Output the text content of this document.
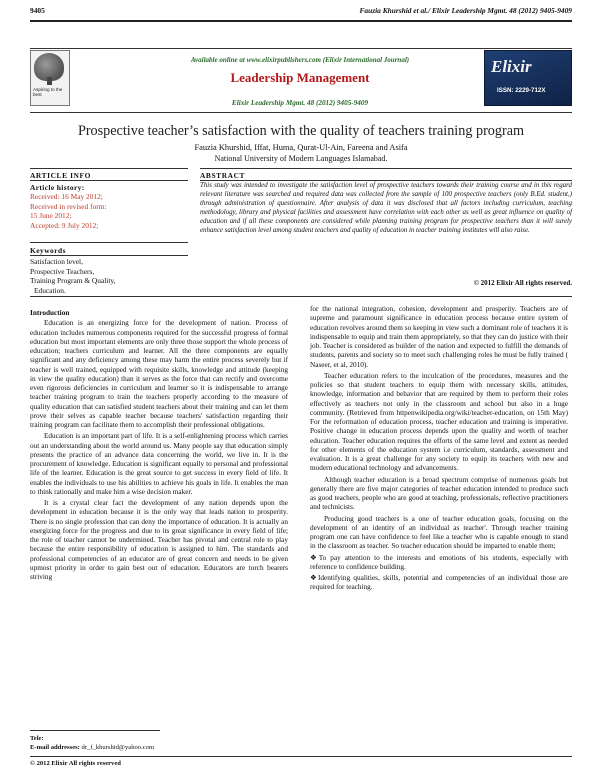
9405	Fauzia Khurshid et al./ Elixir Leadership Mgmt. 48 (2012) 9405-9409
Aspiring to the best
Available online at www.elixirpublishers.com (Elixir International Journal)
Leadership Management
Elixir Leadership Mgmt. 48 (2012) 9405-9409
Elixir
ISSN: 2229-712X
Prospective teacher’s satisfaction with the quality of teachers training program
Fauzia Khurshid, Iffat, Huma, Qurat-Ul-Ain, Fareena and Asifa
National University of Modern Languages Islamabad.
ARTICLE INFO	ABSTRACT
Article history:
Received: 16 May 2012;
Received in revised form:
15 June 2012;
Accepted: 9 July 2012;
Keywords
Satisfaction level,
Prospective Teachers,
Training Program & Quality,
Education.
This study was intended to investigate the satisfaction level of prospective teachers towards their training course and in this regard relevant literature was searched and required data was collected from the sample of 100 prospective teachers (only B.Ed. student,) through administration of questionnaire. After analysis of data it was disclosed that all factors including curriculum, teaching methodology, library and physical facilities and assessment have correlation with each other as well as great influence on quality of education and if all these components are considered while planning training program for prospective teachers than it will surely enhance satisfaction level among student teachers and quality of education in teacher training institutes will also raise.
© 2012 Elixir All rights reserved.
Introduction

Education is an energizing force for the development of nation. Process of education includes numerous components required for the successful progress of formal education but most important elements are only three those support the whole process of education; teachers curriculum and learner. All the three components are equally significant and any deficiency among these may harm the entire process severely but if teacher is well trained, equipped with requisite skills, knowledge and attitude (keeping in view the quality education) than it serves as the force that can rectify and overcome even rigorous deficiencies in curriculum and learner so it is indispensable to arrange teacher training program to train the teachers properly according to the measure of quality education that can satisfied student teachers about their training and can let them prove their selves as capable teacher because teachers' satisfaction regarding their training program can facilitate them to accomplish their professional obligations.

Education is an important part of life. It is a self-enlightening process which carries out an understanding about the world around us. Many people say that education simply presents the practice of an advance data concerning the world, we live in. It is the procurement of knowledge. Education is significant equally to personal and professional life of the learner. Education is the great source to get success in every field of life. It enables the individuals to use his abilities to achieve his goals in life. It enables the man to think rationally and make him a wise decision maker.

It is a crystal clear fact the development of any nation depends upon the development in education because it is the only way that leads nation to prosperity. There is no single profession that can deny the importance of education. It is actually an energizing force for the progress and due to its great significance in every field of life; the role of teacher cannot be undermined. Teacher has pivotal and central role to play because the entire responsibility of education is assigned to him. The standards and professional competencies of an educator are of great concern and needs to be given upmost priority in order to gain best out of education. Educators are torch bearers striving

for the national integration, cohesion, development and prosperity. Teachers are of supreme and paramount significance in education process because entire system of education revolves around them so keeping in view such a dominant role of teachers it is indispensable to equip and train them appropriately, so that they can do justice with their job. Teacher is considered as builder of the nation and expected to fulfill the demands of students, parents and society so to meet such challenging roles he must be fully trained ( Naseer, et al, 2010).

Teacher education refers to the inculcation of the procedures, measures and the policies so that student teachers to equip them with necessary skills, attitudes, knowledge, information and behavior that are required by them to perform their roles effectively as teachers not only in the classroom and school but also in a huge community. (Retrieved from httpenwikipedia.org/wiki/teacher-education, on 15th May) For the reformation of education process, teacher education and training is imperative. Positive change in education process depends upon the quality and worth of teacher education. Teacher education requires the efforts of the same level and extent as needed for other elements of the education system i.e curriculum, standards, assessment and evaluation. It is a great challenge for any society to equip its teachers with new and modern educational technology and advancements.

Although teacher education is a broad spectrum comprise of numerous goals but generally there are five major categories of teacher education intended to produce such as good teachers, people who are good at teaching, professionals, reflective practitioners and technicists.

Producing good teachers is a one of teacher education goals, focusing on the development of an identity of an individual as teacher'. Through teacher training program one can have confidence to feel like a teacher who is capable enough to stand in the classroom as teacher. So teacher education should be imparted to enable them;

❖To pay attention to the interests and emotions of his students, especially with reference to confidence building.

❖Identifying qualities, skills, potential and competencies of an individual those are required for teaching.

Tele:
E-mail addresses: dr_f_khurshid@yahoo.com
© 2012 Elixir All rights reserved
